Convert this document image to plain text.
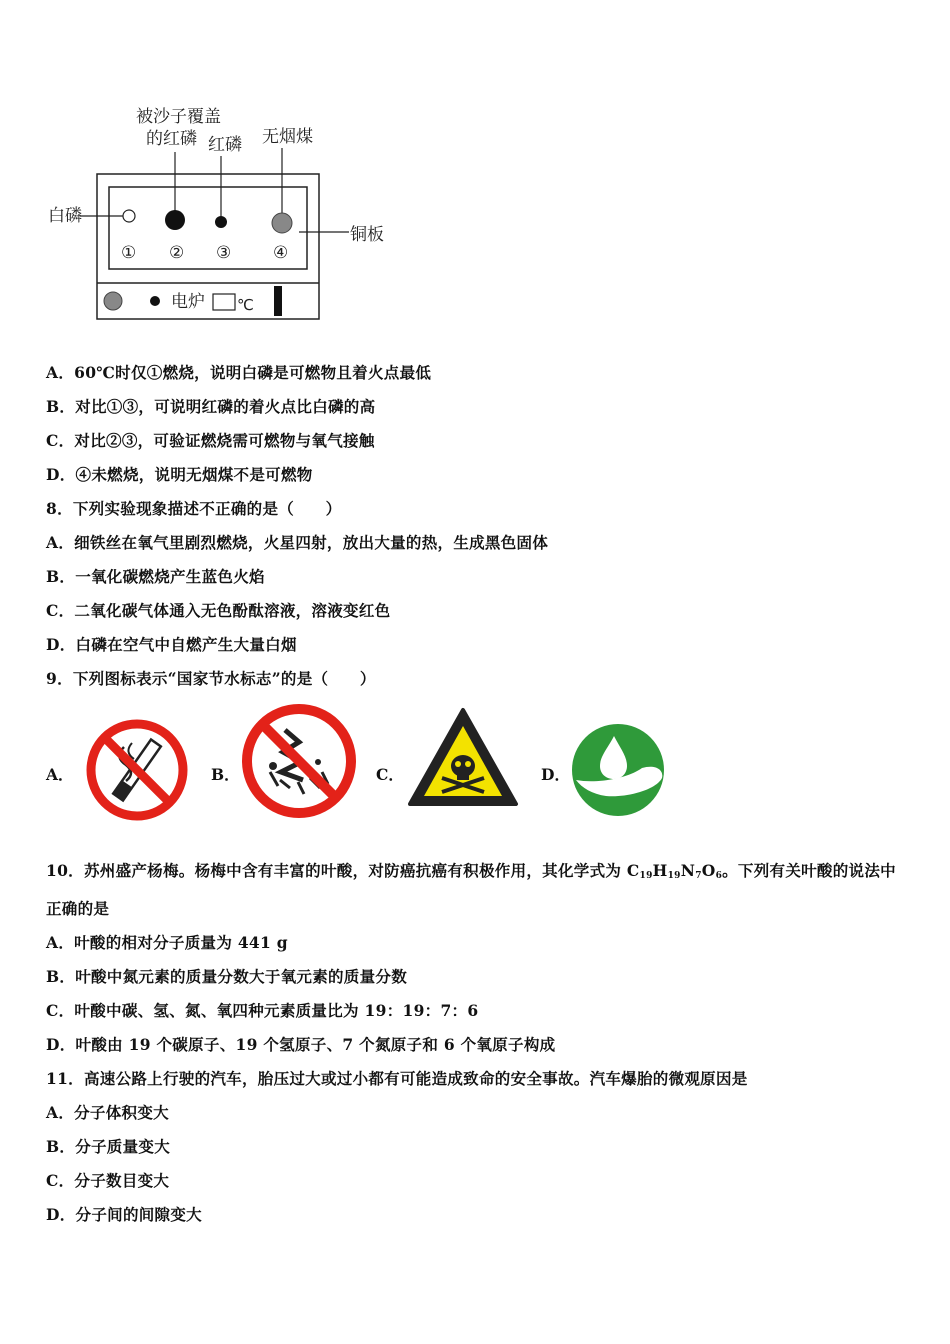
被沙子覆盖
的红磷 红磷 无烟煤
白磷
铜板
① ② ③ ④
电炉 ℃
A．60℃时仅①燃烧，说明白磷是可燃物且着火点最低
B．对比①③，可说明红磷的着火点比白磷的高
C．对比②③，可验证燃烧需可燃物与氧气接触
D．④未燃烧，说明无烟煤不是可燃物
8．下列实验现象描述不正确的是（　　）
A．细铁丝在氧气里剧烈燃烧，火星四射，放出大量的热，生成黑色固体
B．一氧化碳燃烧产生蓝色火焰
C．二氧化碳气体通入无色酚酞溶液，溶液变红色
D．白磷在空气中自燃产生大量白烟
9．下列图标表示“国家节水标志”的是（　　）
A．	B．	C．	D．
10．苏州盛产杨梅。杨梅中含有丰富的叶酸，对防癌抗癌有积极作用，其化学式为 $C_{19}H_{19}N_7O_6$。下列有关叶酸的说法中
正确的是
A．叶酸的相对分子质量为 441 g
B．叶酸中氮元素的质量分数大于氧元素的质量分数
C．叶酸中碳、氢、氮、氧四种元素质量比为 19：19：7：6
D．叶酸由 19 个碳原子、19 个氢原子、7 个氮原子和 6 个氧原子构成
11．高速公路上行驶的汽车，胎压过大或过小都有可能造成致命的安全事故。汽车爆胎的微观原因是
A．分子体积变大
B．分子质量变大
C．分子数目变大
D．分子间的间隙变大
